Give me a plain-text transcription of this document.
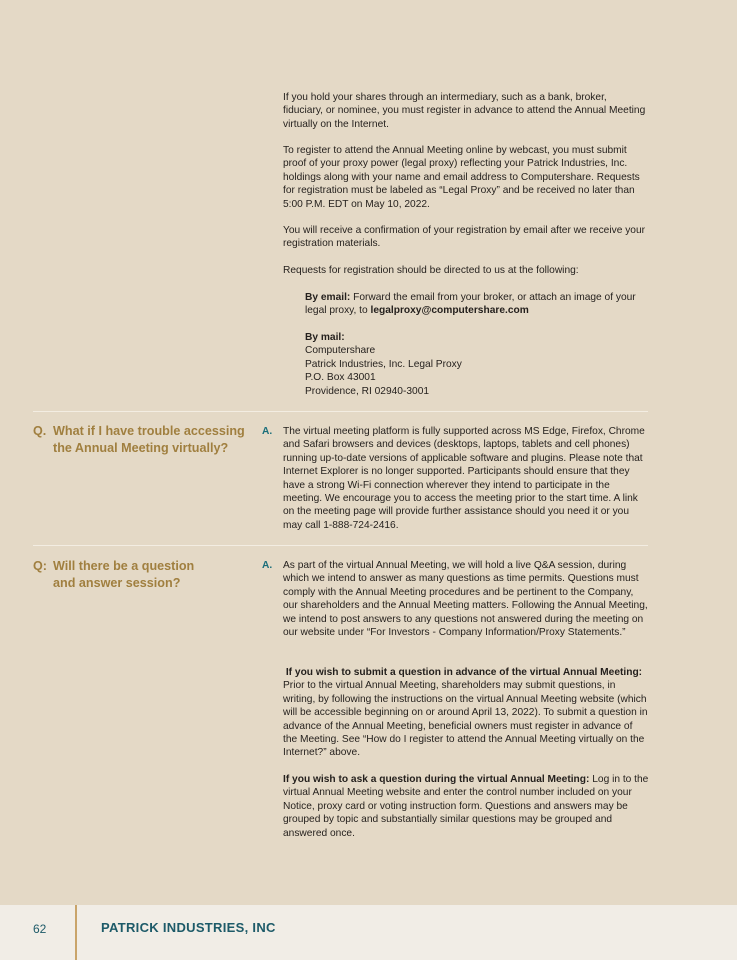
If you hold your shares through an intermediary, such as a bank, broker, fiduciary, or nominee, you must register in advance to attend the Annual Meeting virtually on the Internet.

To register to attend the Annual Meeting online by webcast, you must submit proof of your proxy power (legal proxy) reflecting your Patrick Industries, Inc. holdings along with your name and email address to Computershare. Requests for registration must be labeled as “Legal Proxy” and be received no later than 5:00 P.M. EDT on May 10, 2022.

You will receive a confirmation of your registration by email after we receive your registration materials.

Requests for registration should be directed to us at the following:

By email: Forward the email from your broker, or attach an image of your legal proxy, to legalproxy@computershare.com

By mail:
Computershare
Patrick Industries, Inc. Legal Proxy
P.O. Box 43001
Providence, RI 02940-3001
Q. What if I have trouble accessing the Annual Meeting virtually?
A. The virtual meeting platform is fully supported across MS Edge, Firefox, Chrome and Safari browsers and devices (desktops, laptops, tablets and cell phones) running up-to-date versions of applicable software and plugins. Please note that Internet Explorer is no longer supported. Participants should ensure that they have a strong Wi-Fi connection wherever they intend to participate in the meeting. We encourage you to access the meeting prior to the start time. A link on the meeting page will provide further assistance should you need it or you may call 1-888-724-2416.

Q: Will there be a question and answer session?
A. As part of the virtual Annual Meeting, we will hold a live Q&A session, during which we intend to answer as many questions as time permits. Questions must comply with the Annual Meeting procedures and be pertinent to the Company, our shareholders and the Annual Meeting matters. Following the Annual Meeting, we intend to post answers to any questions not answered during the meeting on our website under “For Investors - Company Information/Proxy Statements.”

If you wish to submit a question in advance of the virtual Annual Meeting:
Prior to the virtual Annual Meeting, shareholders may submit questions, in writing, by following the instructions on the virtual Annual Meeting website (which will be accessible beginning on or around April 13, 2022). To submit a question in advance of the Annual Meeting, beneficial owners must register in advance of the Meeting. See “How do I register to attend the Annual Meeting virtually on the Internet?” above.

If you wish to ask a question during the virtual Annual Meeting: Log in to the virtual Annual Meeting website and enter the control number included on your Notice, proxy card or voting instruction form. Questions and answers may be grouped by topic and substantially similar questions may be grouped and answered once.

62	PATRICK INDUSTRIES, INC
